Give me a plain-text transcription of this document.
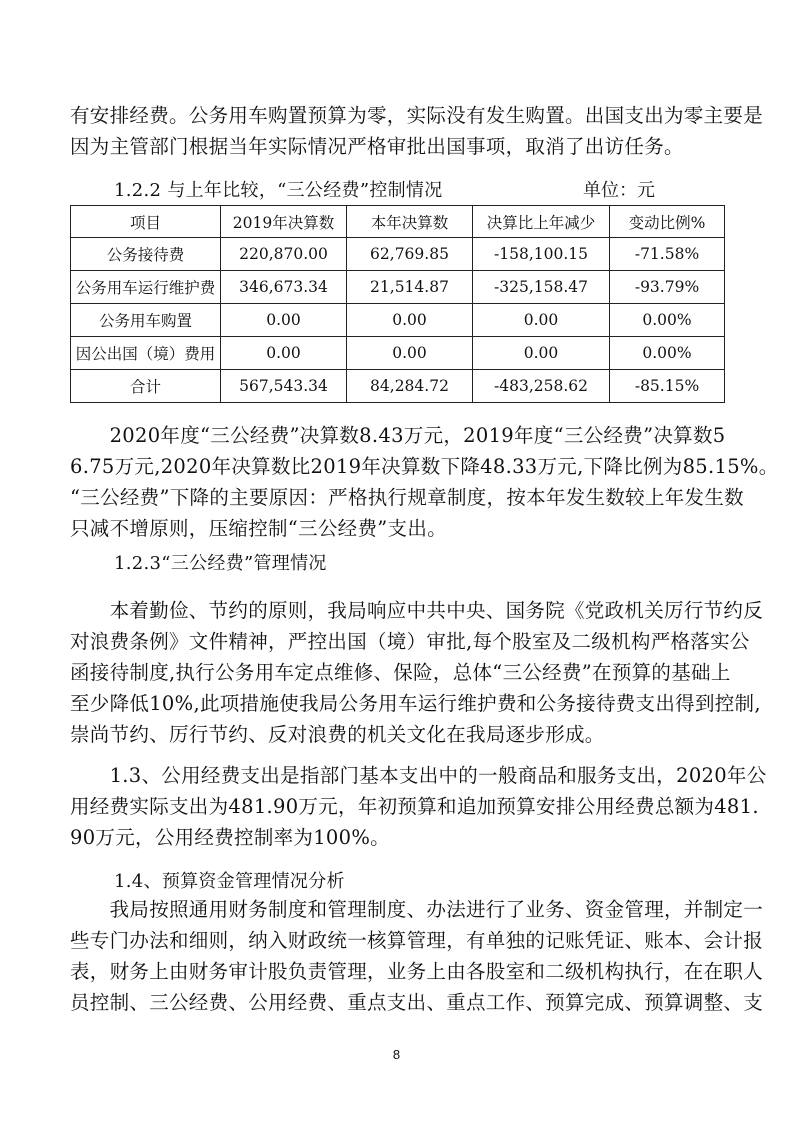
有安排经费。公务用车购置预算为零，实际没有发生购置。出国支出为零主要是
因为主管部门根据当年实际情况严格审批出国事项，取消了出访任务。
1.2.2 与上年比较，“三公经费”控制情况	单位：元
项目	2019年决算数	本年决算数	决算比上年减少	变动比例%
公务接待费	220,870.00	62,769.85	-158,100.15	-71.58%
公务用车运行维护费	346,673.34	21,514.87	-325,158.47	-93.79%
公务用车购置	0.00	0.00	0.00	0.00%
因公出国（境）费用	0.00	0.00	0.00	0.00%
合计	567,543.34	84,284.72	-483,258.62	-85.15%
　　2020年度“三公经费”决算数8.43万元，2019年度“三公经费”决算数5
6.75万元,2020年决算数比2019年决算数下降48.33万元,下降比例为85.15%。
“三公经费”下降的主要原因：严格执行规章制度，按本年发生数较上年发生数
只减不增原则，压缩控制“三公经费”支出。
1.2.3“三公经费”管理情况
　　本着勤俭、节约的原则，我局响应中共中央、国务院《党政机关厉行节约反
对浪费条例》文件精神，严控出国（境）审批,每个股室及二级机构严格落实公
函接待制度,执行公务用车定点维修、保险，总体“三公经费”在预算的基础上
至少降低10%,此项措施使我局公务用车运行维护费和公务接待费支出得到控制,
崇尚节约、厉行节约、反对浪费的机关文化在我局逐步形成。
　　1.3、公用经费支出是指部门基本支出中的一般商品和服务支出，2020年公
用经费实际支出为481.90万元，年初预算和追加预算安排公用经费总额为481.
90万元，公用经费控制率为100%。
1.4、预算资金管理情况分析
　　我局按照通用财务制度和管理制度、办法进行了业务、资金管理，并制定一
些专门办法和细则，纳入财政统一核算管理，有单独的记账凭证、账本、会计报
表，财务上由财务审计股负责管理，业务上由各股室和二级机构执行，在在职人
员控制、三公经费、公用经费、重点支出、重点工作、预算完成、预算调整、支
8
